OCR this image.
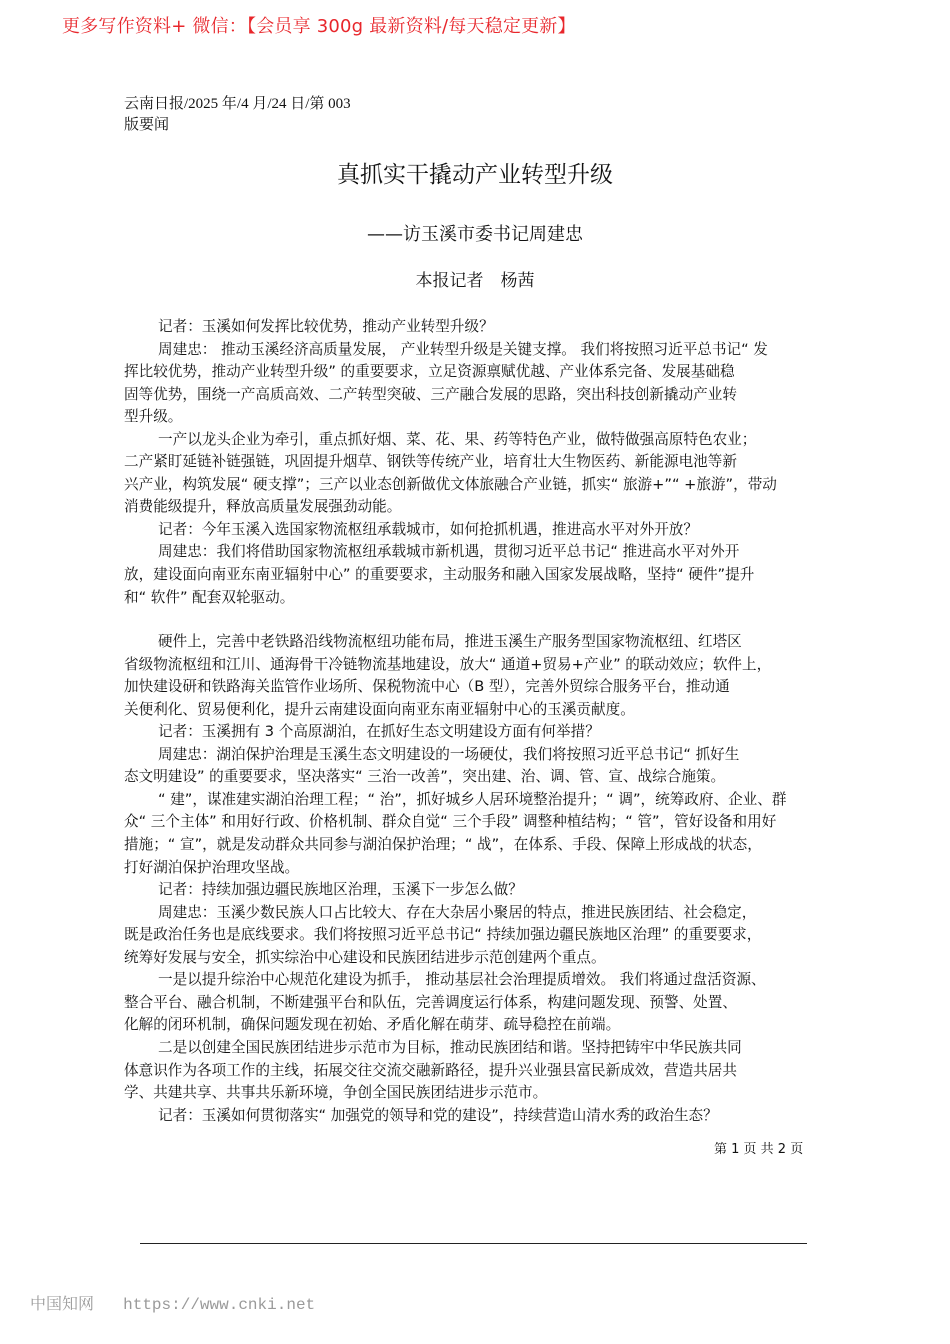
更多写作资料+ 微信：【会员享 300g 最新资料/每天稳定更新】
云南日报/2025 年/4 月/24 日/第 003
版要闻
真抓实干撬动产业转型升级
——访玉溪市委书记周建忠
本报记者　杨茜
记者：玉溪如何发挥比较优势，推动产业转型升级？
周建忠： 推动玉溪经济高质量发展， 产业转型升级是关键支撑。 我们将按照习近平总书记“ 发
挥比较优势，推动产业转型升级” 的重要要求，立足资源禀赋优越、产业体系完备、发展基础稳
固等优势，围绕一产高质高效、二产转型突破、三产融合发展的思路，突出科技创新撬动产业转
型升级。
一产以龙头企业为牵引，重点抓好烟、菜、花、果、药等特色产业，做特做强高原特色农业；
二产紧盯延链补链强链，巩固提升烟草、钢铁等传统产业，培育壮大生物医药、新能源电池等新
兴产业，构筑发展“ 硬支撑”；三产以业态创新做优文体旅融合产业链，抓实“ 旅游+”“ +旅游”，带动
消费能级提升，释放高质量发展强劲动能。
记者：今年玉溪入选国家物流枢纽承载城市，如何抢抓机遇，推进高水平对外开放？
周建忠：我们将借助国家物流枢纽承载城市新机遇，贯彻习近平总书记“ 推进高水平对外开
放，建设面向南亚东南亚辐射中心” 的重要要求，主动服务和融入国家发展战略，坚持“ 硬件”提升
和“ 软件” 配套双轮驱动。
硬件上，完善中老铁路沿线物流枢纽功能布局，推进玉溪生产服务型国家物流枢纽、红塔区
省级物流枢纽和江川、通海骨干冷链物流基地建设，放大“ 通道+贸易+产业” 的联动效应；软件上，
加快建设研和铁路海关监管作业场所、保税物流中心（B 型），完善外贸综合服务平台，推动通
关便利化、贸易便利化，提升云南建设面向南亚东南亚辐射中心的玉溪贡献度。
记者：玉溪拥有 3 个高原湖泊，在抓好生态文明建设方面有何举措？
周建忠：湖泊保护治理是玉溪生态文明建设的一场硬仗，我们将按照习近平总书记“ 抓好生
态文明建设” 的重要要求，坚决落实“ 三治一改善”，突出建、治、调、管、宣、战综合施策。
“ 建”，谋准建实湖泊治理工程；“ 治”，抓好城乡人居环境整治提升；“ 调”，统筹政府、企业、群
众“ 三个主体” 和用好行政、价格机制、群众自觉“ 三个手段” 调整种植结构；“ 管”，管好设备和用好
措施；“ 宣”，就是发动群众共同参与湖泊保护治理；“ 战”，在体系、手段、保障上形成战的状态，
打好湖泊保护治理攻坚战。
记者：持续加强边疆民族地区治理，玉溪下一步怎么做？
周建忠：玉溪少数民族人口占比较大、存在大杂居小聚居的特点，推进民族团结、社会稳定，
既是政治任务也是底线要求。我们将按照习近平总书记“ 持续加强边疆民族地区治理” 的重要要求，
统筹好发展与安全，抓实综治中心建设和民族团结进步示范创建两个重点。
一是以提升综治中心规范化建设为抓手， 推动基层社会治理提质增效。 我们将通过盘活资源、
整合平台、融合机制，不断建强平台和队伍，完善调度运行体系，构建问题发现、预警、处置、
化解的闭环机制，确保问题发现在初始、矛盾化解在萌芽、疏导稳控在前端。
二是以创建全国民族团结进步示范市为目标，推动民族团结和谐。坚持把铸牢中华民族共同
体意识作为各项工作的主线，拓展交往交流交融新路径，提升兴业强县富民新成效，营造共居共
学、共建共享、共事共乐新环境，争创全国民族团结进步示范市。
记者：玉溪如何贯彻落实“ 加强党的领导和党的建设”，持续营造山清水秀的政治生态？
第 1 页 共 2 页
中国知网 https://www.cnki.net
